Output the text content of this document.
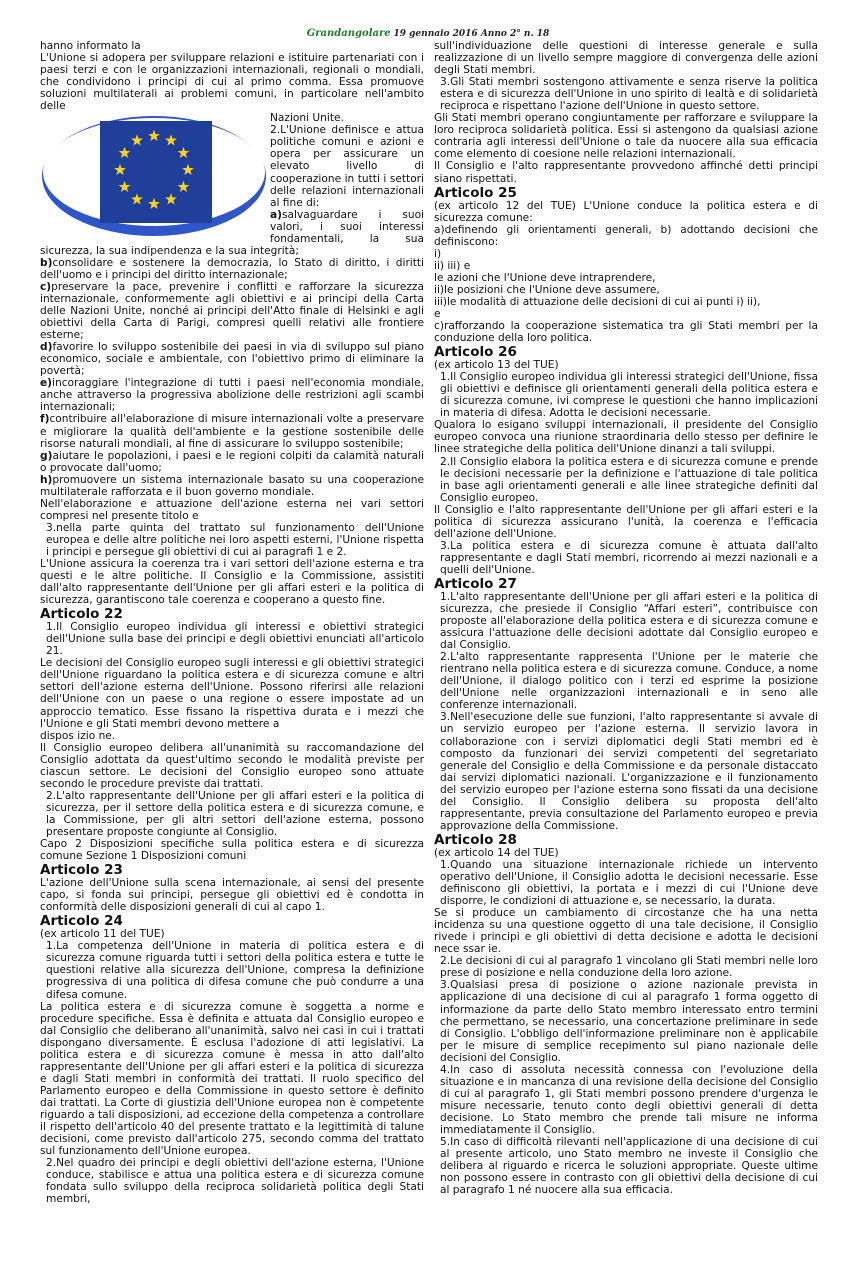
Grandangolare 19 gennaio 2016 Anno 2° n. 18

hanno informato la

L'Unione si adopera per sviluppare relazioni e istituire partenariati con i paesi terzi e con le organizzazioni internazionali, regionali o mondiali, che condividono i principi di cui al primo comma. Essa promuove soluzioni multilaterali ai problemi comuni, in particolare nell'ambito delle

Nazioni Unite.

2.L'Unione definisce e attua politiche comuni e azioni e opera per assicurare un elevato livello di cooperazione in tutti i settori delle relazioni internazionali al fine di:

a)salvaguardare i suoi valori, i suoi interessi fondamentali, la sua sicurezza, la sua indipendenza e la sua integrità;

b)consolidare e sostenere la democrazia, lo Stato di diritto, i diritti dell'uomo e i principi del diritto internazionale;

c)preservare la pace, prevenire i conflitti e rafforzare la sicurezza internazionale, conformemente agli obiettivi e ai principi della Carta delle Nazioni Unite, nonché ai principi dell'Atto finale di Helsinki e agli obiettivi della Carta di Parigi, compresi quelli relativi alle frontiere esterne;

d)favorire lo sviluppo sostenibile dei paesi in via di sviluppo sul piano economico, sociale e ambientale, con l'obiettivo primo di eliminare la povertà;

e)incoraggiare l'integrazione di tutti i paesi nell'economia mondiale, anche attraverso la progressiva abolizione delle restrizioni agli scambi internazionali;

f)contribuire all'elaborazione di misure internazionali volte a preservare e migliorare la qualità dell'ambiente e la gestione sostenibile delle risorse naturali mondiali, al fine di assicurare lo sviluppo sostenibile;

g)aiutare le popolazioni, i paesi e le regioni colpiti da calamità naturali o provocate dall'uomo;

h)promuovere un sistema internazionale basato su una cooperazione multilaterale rafforzata e il buon governo mondiale.

Nell'elaborazione e attuazione dell'azione esterna nei vari settori compresi nel presente titolo e

3.nella parte quinta del trattato sul funzionamento dell'Unione europea e delle altre politiche nei loro aspetti esterni, l'Unione rispetta i principi e persegue gli obiettivi di cui ai paragrafi 1 e 2.

L'Unione assicura la coerenza tra i vari settori dell'azione esterna e tra questi e le altre politiche. Il Consiglio e la Commissione, assistiti dall'alto rappresentante dell'Unione per gli affari esteri e la politica di sicurezza, garantiscono tale coerenza e cooperano a questo fine.

Articolo 22

1.Il Consiglio europeo individua gli interessi e obiettivi strategici dell'Unione sulla base dei principi e degli obiettivi enunciati all'articolo 21.

Le decisioni del Consiglio europeo sugli interessi e gli obiettivi strategici dell'Unione riguardano la politica estera e di sicurezza comune e altri settori dell'azione esterna dell'Unione. Possono riferirsi alle relazioni dell'Unione con un paese o una regione o essere impostate ad un approccio tematico. Esse fissano la rispettiva durata e i mezzi che l'Unione e gli Stati membri devono mettere a

dispos izio ne.

Il Consiglio europeo delibera all'unanimità su raccomandazione del Consiglio adottata da quest'ultimo secondo le modalità previste per ciascun settore. Le decisioni del Consiglio europeo sono attuate secondo le procedure previste dai trattati.

2.L'alto rappresentante dell'Unione per gli affari esteri e la politica di sicurezza, per il settore della politica estera e di sicurezza comune, e la Commissione, per gli altri settori dell'azione esterna, possono presentare proposte congiunte al Consiglio.

Capo 2 Disposizioni specifiche sulla politica estera e di sicurezza comune Sezione 1 Disposizioni comuni

Articolo 23

L'azione dell'Unione sulla scena internazionale, ai sensi del presente capo, si fonda sui principi, persegue gli obiettivi ed è condotta in conformità delle disposizioni generali di cui al capo 1.

Articolo 24

(ex articolo 11 del TUE)

1.La competenza dell'Unione in materia di politica estera e di sicurezza comune riguarda tutti i settori della politica estera e tutte le questioni relative alla sicurezza dell'Unione, compresa la definizione progressiva di una politica di difesa comune che può condurre a una difesa comune.

La politica estera e di sicurezza comune è soggetta a norme e procedure specifiche. Essa è definita e attuata dal Consiglio europeo e dal Consiglio che deliberano all'unanimità, salvo nei casi in cui i trattati dispongano diversamente. È esclusa l'adozione di atti legislativi. La politica estera e di sicurezza comune è messa in atto dall'alto rappresentante dell'Unione per gli affari esteri e la politica di sicurezza e dagli Stati membri in conformità dei trattati. Il ruolo specifico del Parlamento europeo e della Commissione in questo settore è definito dai trattati. La Corte di giustizia dell'Unione europea non è competente riguardo a tali disposizioni, ad eccezione della competenza a controllare il rispetto dell'articolo 40 del presente trattato e la legittimità di talune decisioni, come previsto dall'articolo 275, secondo comma del trattato sul funzionamento dell'Unione europea.

2.Nel quadro dei principi e degli obiettivi dell'azione esterna, l'Unione conduce, stabilisce e attua una politica estera e di sicurezza comune fondata sullo sviluppo della reciproca solidarietà politica degli Stati membri,

sull'individuazione delle questioni di interesse generale e sulla realizzazione di un livello sempre maggiore di convergenza delle azioni degli Stati membri.

3.Gli Stati membri sostengono attivamente e senza riserve la politica estera e di sicurezza dell'Unione in uno spirito di lealtà e di solidarietà reciproca e rispettano l'azione dell'Unione in questo settore.

Gli Stati membri operano congiuntamente per rafforzare e sviluppare la loro reciproca solidarietà politica. Essi si astengono da qualsiasi azione contraria agli interessi dell'Unione o tale da nuocere alla sua efficacia come elemento di coesione nelle relazioni internazionali.

Il Consiglio e l'alto rappresentante provvedono affinché detti principi siano rispettati.

Articolo 25

(ex articolo 12 del TUE) L'Unione conduce la politica estera e di sicurezza comune:

a)definendo gli orientamenti generali, b) adottando decisioni che definiscono:

i)

ii) iii) e

le azioni che l'Unione deve intraprendere,

ii)le posizioni che l'Unione deve assumere,

iii)le modalità di attuazione delle decisioni di cui ai punti i) ii),

e

c)rafforzando la cooperazione sistematica tra gli Stati membri per la conduzione della loro politica.

Articolo 26

(ex articolo 13 del TUE)

1.Il Consiglio europeo individua gli interessi strategici dell'Unione, fissa gli obiettivi e definisce gli orientamenti generali della politica estera e di sicurezza comune, ivi comprese le questioni che hanno implicazioni in materia di difesa. Adotta le decisioni necessarie.

Qualora lo esigano sviluppi internazionali, il presidente del Consiglio europeo convoca una riunione straordinaria dello stesso per definire le linee strategiche della politica dell'Unione dinanzi a tali sviluppi.

2.Il Consiglio elabora la politica estera e di sicurezza comune e prende le decisioni necessarie per la definizione e l'attuazione di tale politica in base agli orientamenti generali e alle linee strategiche definiti dal Consiglio europeo.

Il Consiglio e l'alto rappresentante dell'Unione per gli affari esteri e la politica di sicurezza assicurano l'unità, la coerenza e l'efficacia dell'azione dell'Unione.

3.La politica estera e di sicurezza comune è attuata dall'alto rappresentante e dagli Stati membri, ricorrendo ai mezzi nazionali e a quelli dell'Unione.

Articolo 27

1.L'alto rappresentante dell'Unione per gli affari esteri e la politica di sicurezza, che presiede il Consiglio “Affari esteri”, contribuisce con proposte all'elaborazione della politica estera e di sicurezza comune e assicura l'attuazione delle decisioni adottate dal Consiglio europeo e dal Consiglio.

2.L'alto rappresentante rappresenta l'Unione per le materie che rientrano nella politica estera e di sicurezza comune. Conduce, a nome dell'Unione, il dialogo politico con i terzi ed esprime la posizione dell'Unione nelle organizzazioni internazionali e in seno alle conferenze internazionali.

3.Nell'esecuzione delle sue funzioni, l'alto rappresentante si avvale di un servizio europeo per l'azione esterna. Il servizio lavora in collaborazione con i servizi diplomatici degli Stati membri ed è composto da funzionari dei servizi competenti del segretariato generale del Consiglio e della Commissione e da personale distaccato dai servizi diplomatici nazionali. L'organizzazione e il funzionamento del servizio europeo per l'azione esterna sono fissati da una decisione del Consiglio. Il Consiglio delibera su proposta dell'alto rappresentante, previa consultazione del Parlamento europeo e previa approvazione della Commissione.

Articolo 28

(ex articolo 14 del TUE)

1.Quando una situazione internazionale richiede un intervento operativo dell'Unione, il Consiglio adotta le decisioni necessarie. Esse definiscono gli obiettivi, la portata e i mezzi di cui l'Unione deve disporre, le condizioni di attuazione e, se necessario, la durata.

Se si produce un cambiamento di circostanze che ha una netta incidenza su una questione oggetto di una tale decisione, il Consiglio rivede i principi e gli obiettivi di detta decisione e adotta le decisioni nece ssar ie.

2.Le decisioni di cui al paragrafo 1 vincolano gli Stati membri nelle loro prese di posizione e nella conduzione della loro azione.

3.Qualsiasi presa di posizione o azione nazionale prevista in applicazione di una decisione di cui al paragrafo 1 forma oggetto di informazione da parte dello Stato membro interessato entro termini che permettano, se necessario, una concertazione preliminare in sede di Consiglio. L'obbligo dell'informazione preliminare non è applicabile per le misure di semplice recepimento sul piano nazionale delle decisioni del Consiglio.

4.In caso di assoluta necessità connessa con l'evoluzione della situazione e in mancanza di una revisione della decisione del Consiglio di cui al paragrafo 1, gli Stati membri possono prendere d'urgenza le misure necessarie, tenuto conto degli obiettivi generali di detta decisione. Lo Stato membro che prende tali misure ne informa immediatamente il Consiglio.

5.In caso di difficoltà rilevanti nell'applicazione di una decisione di cui al presente articolo, uno Stato membro ne investe il Consiglio che delibera al riguardo e ricerca le soluzioni appropriate. Queste ultime non possono essere in contrasto con gli obiettivi della decisione di cui al paragrafo 1 né nuocere alla sua efficacia.
